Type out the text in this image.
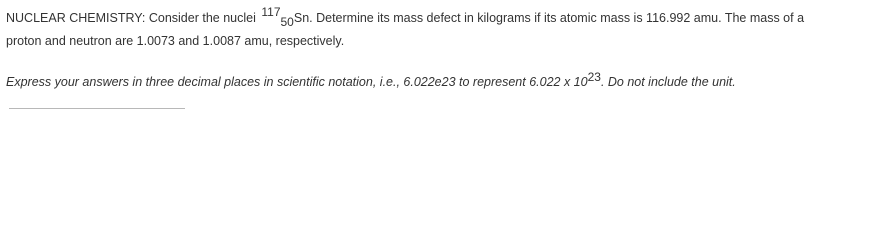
NUCLEAR CHEMISTRY: Consider the nuclei 11750Sn. Determine its mass defect in kilograms if its atomic mass is 116.992 amu. The mass of a
proton and neutron are 1.0073 and 1.0087 amu, respectively.
Express your answers in three decimal places in scientific notation, i.e., 6.022e23 to represent 6.022 x 1023. Do not include the unit.
